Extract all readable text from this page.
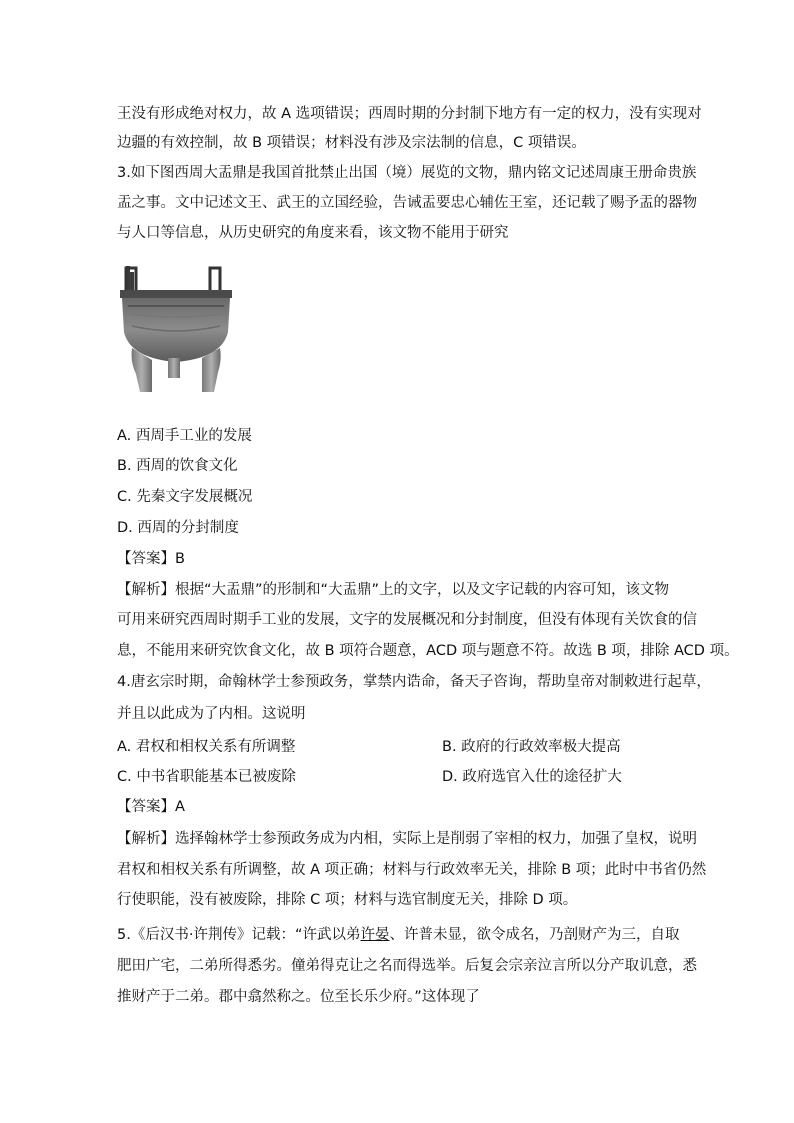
王没有形成绝对权力，故 A 选项错误；西周时期的分封制下地方有一定的权力，没有实现对
边疆的有效控制，故 B 项错误；材料没有涉及宗法制的信息，C 项错误。
3.如下图西周大盂鼎是我国首批禁止出国（境）展览的文物，鼎内铭文记述周康王册命贵族
盂之事。文中记述文王、武王的立国经验，告诫盂要忠心辅佐王室，还记载了赐予盂的器物
与人口等信息，从历史研究的角度来看，该文物不能用于研究
A. 西周手工业的发展
B. 西周的饮食文化
C. 先秦文字发展概况
D. 西周的分封制度
【答案】B
【解析】根据“大盂鼎”的形制和“大盂鼎”上的文字，以及文字记载的内容可知，该文物
可用来研究西周时期手工业的发展，文字的发展概况和分封制度，但没有体现有关饮食的信
息，不能用来研究饮食文化，故 B 项符合题意，ACD 项与题意不符。故选 B 项，排除 ACD 项。
4.唐玄宗时期，命翰林学士参预政务，掌禁内诰命，备天子咨询，帮助皇帝对制敕进行起草，
并且以此成为了内相。这说明
A. 君权和相权关系有所调整	B. 政府的行政效率极大提高
C. 中书省职能基本已被废除	D. 政府选官入仕的途径扩大
【答案】A
【解析】选择翰林学士参预政务成为内相，实际上是削弱了宰相的权力，加强了皇权，说明
君权和相权关系有所调整，故 A 项正确；材料与行政效率无关，排除 B 项；此时中书省仍然
行使职能，没有被废除，排除 C 项；材料与选官制度无关，排除 D 项。
5.《后汉书·许荆传》记载：“许武以弟许晏、许普未显，欲令成名，乃剖财产为三，自取
肥田广宅，二弟所得悉劣。僮弟得克让之名而得选举。后复会宗亲泣言所以分产取讥意，悉
推财产于二弟。郡中翕然称之。位至长乐少府。”这体现了
